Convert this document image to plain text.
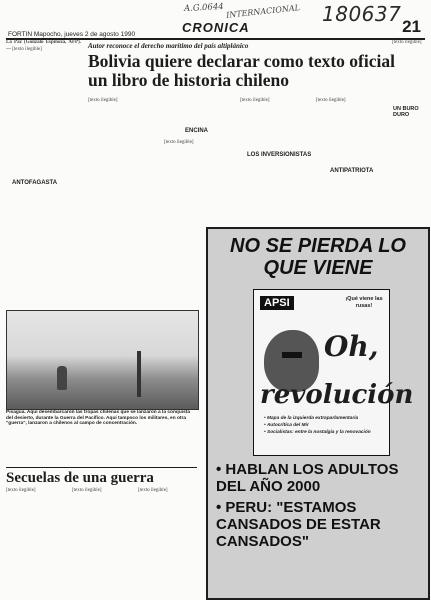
A.G.0644 INTERNACIONAL 180637
CRONICA	21
FORTIN Mapocho, jueves 2 de agosto 1990
La Paz (Gonzalo Espinoza, AFP).— [texto ilegible]
ANTOFAGASTA
Autor reconoce el derecho marítimo del país altiplánico
Bolivia quiere declarar como texto oficial un libro de historia chileno
[texto ilegible]
ENCINA
[texto ilegible]
LOS INVERSIONISTAS
[texto ilegible]
ANTIPATRIOTA
[texto ilegible]
UN BURO DURO
[texto ilegible]
Pisagua. Aquí desembarcaron las tropas chilenas que se lanzaron a la conquista del desierto, durante la Guerra del Pacífico. Aquí tampoco los militares, en otra "guerra", lanzaron a chilenos al campo de concentración.
Secuelas de una guerra
[texto ilegible]	[texto ilegible]	[texto ilegible]
NO SE PIERDA LO QUE VIENE
APSI	¡Qué viene las rusas!
Oh,
revolución
• Mapa de la izquierda extraparlamentaria
• Autocrítica del Mir
• Socialistas: entre la nostalgia y la renovación
• HABLAN LOS ADULTOS DEL AÑO 2000
• PERU: "ESTAMOS CANSADOS DE ESTAR CANSADOS"
